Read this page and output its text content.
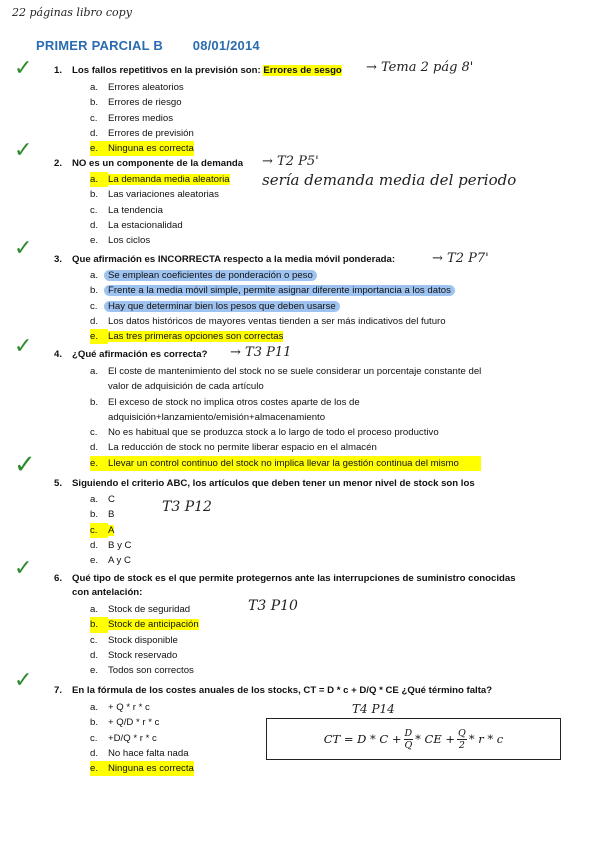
22 páginas libro copy
PRIMER PARCIAL B 08/01/2014
✓ 1. Los fallos repetitivos en la previsión son: Errores de sesgo	→ Tema 2 pág 8'
a. Errores aleatorios
b. Errores de riesgo
c. Errores medios
d. Errores de previsión
e. Ninguna es correcta
✓
2. NO es un componente de la demanda	→ T2 P5'
sería demanda media del periodo
a. La demanda media aleatoria
b. Las variaciones aleatorias
c. La tendencia
d. La estacionalidad
e. Los ciclos
✓ 3. Que afirmación es INCORRECTA respecto a la media móvil ponderada:	→ T2 P7'
a. Se emplean coeficientes de ponderación o peso
b. Frente a la media móvil simple, permite asignar diferente importancia a los datos
c. Hay que determinar bien los pesos que deben usarse
d. Los datos históricos de mayores ventas tienden a ser más indicativos del futuro
e. Las tres primeras opciones son correctas
✓ 4. ¿Qué afirmación es correcta?	→ T3 P11
a. El coste de mantenimiento del stock no se suele considerar un porcentaje constante del
valor de adquisición de cada artículo
b. El exceso de stock no implica otros costes aparte de los de
adquisición+lanzamiento/emisión+almacenamiento
c. No es habitual que se produzca stock a lo largo de todo el proceso productivo
d. La reducción de stock no permite liberar espacio en el almacén
e. Llevar un control continuo del stock no implica llevar la gestión continua del mismo
✓
5. Siguiendo el criterio ABC, los artículos que deben tener un menor nivel de stock son los
T3 P12
a. C
b. B
c. A
d. B y C
e. A y C
✓ 6. Qué tipo de stock es el que permite protegernos ante las interrupciones de suministro conocidas
con antelación:
T3 P10
a. Stock de seguridad
b. Stock de anticipación
c. Stock disponible
d. Stock reservado
e. Todos son correctos
✓ 7. En la fórmula de los costes anuales de los stocks, CT = D * c + D/Q * CE ¿Qué término falta?
T4 P14
a. + Q * r * c
b. + Q/D * r * c
c. +D/Q * r * c
d. No hace falta nada
e. Ninguna es correcta
CT = $D * C + \frac{D}{Q}$ * CE + $\frac{Q}{2}$ * r * c
